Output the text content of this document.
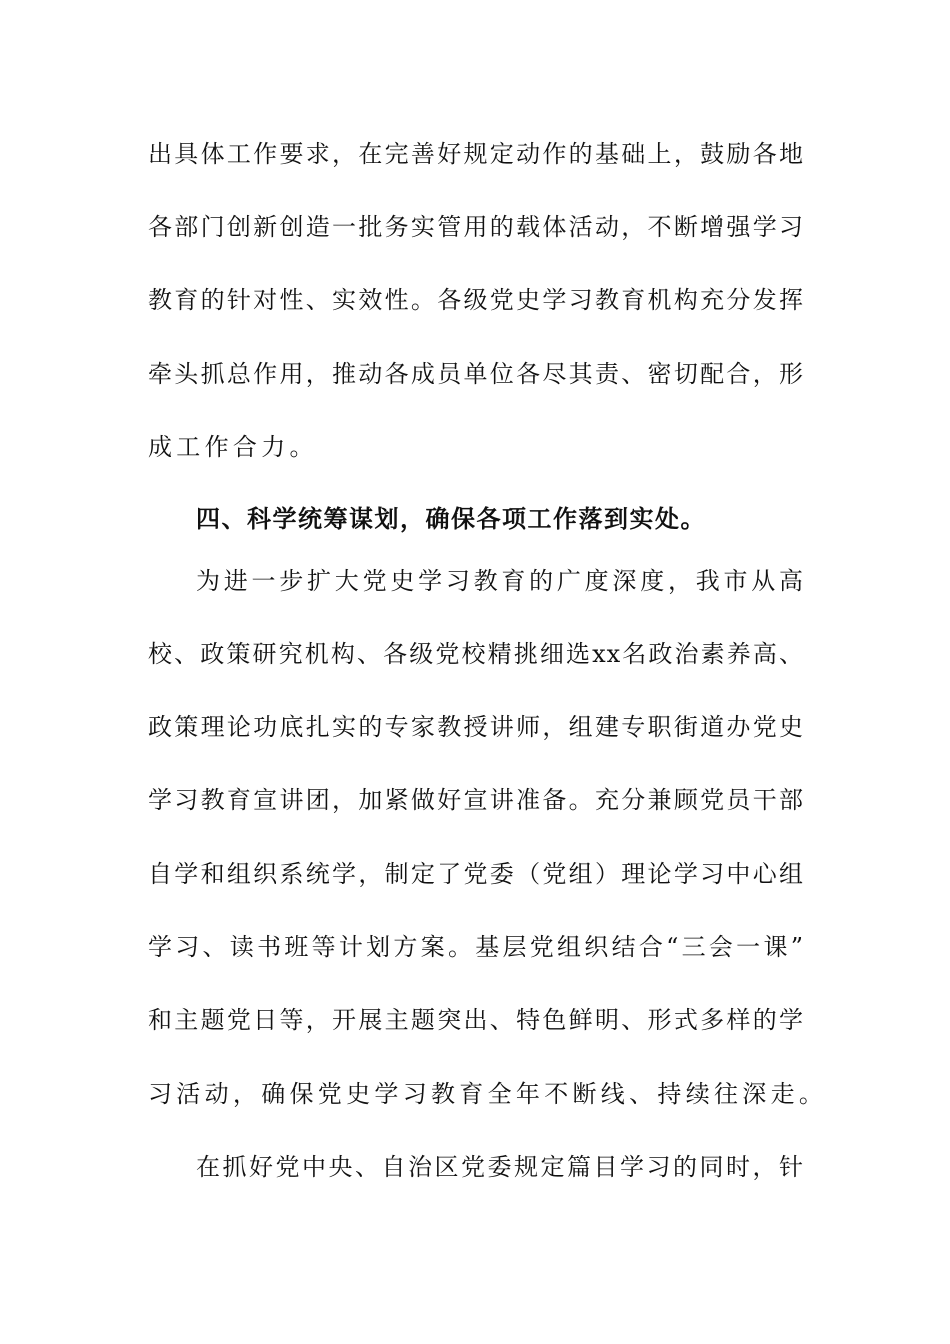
出具体工作要求，在完善好规定动作的基础上，鼓励各地
各部门创新创造一批务实管用的载体活动，不断增强学习
教育的针对性、实效性。各级党史学习教育机构充分发挥
牵头抓总作用，推动各成员单位各尽其责、密切配合，形
成工作合力。
四、科学统筹谋划，确保各项工作落到实处。
为进一步扩大党史学习教育的广度深度，我市从高
校、政策研究机构、各级党校精挑细选xx名政治素养高、
政策理论功底扎实的专家教授讲师，组建专职街道办党史
学习教育宣讲团，加紧做好宣讲准备。充分兼顾党员干部
自学和组织系统学，制定了党委（党组）理论学习中心组
学习、读书班等计划方案。基层党组织结合“三会一课”
和主题党日等，开展主题突出、特色鲜明、形式多样的学
习活动，确保党史学习教育全年不断线、持续往深走。
在抓好党中央、自治区党委规定篇目学习的同时，针
